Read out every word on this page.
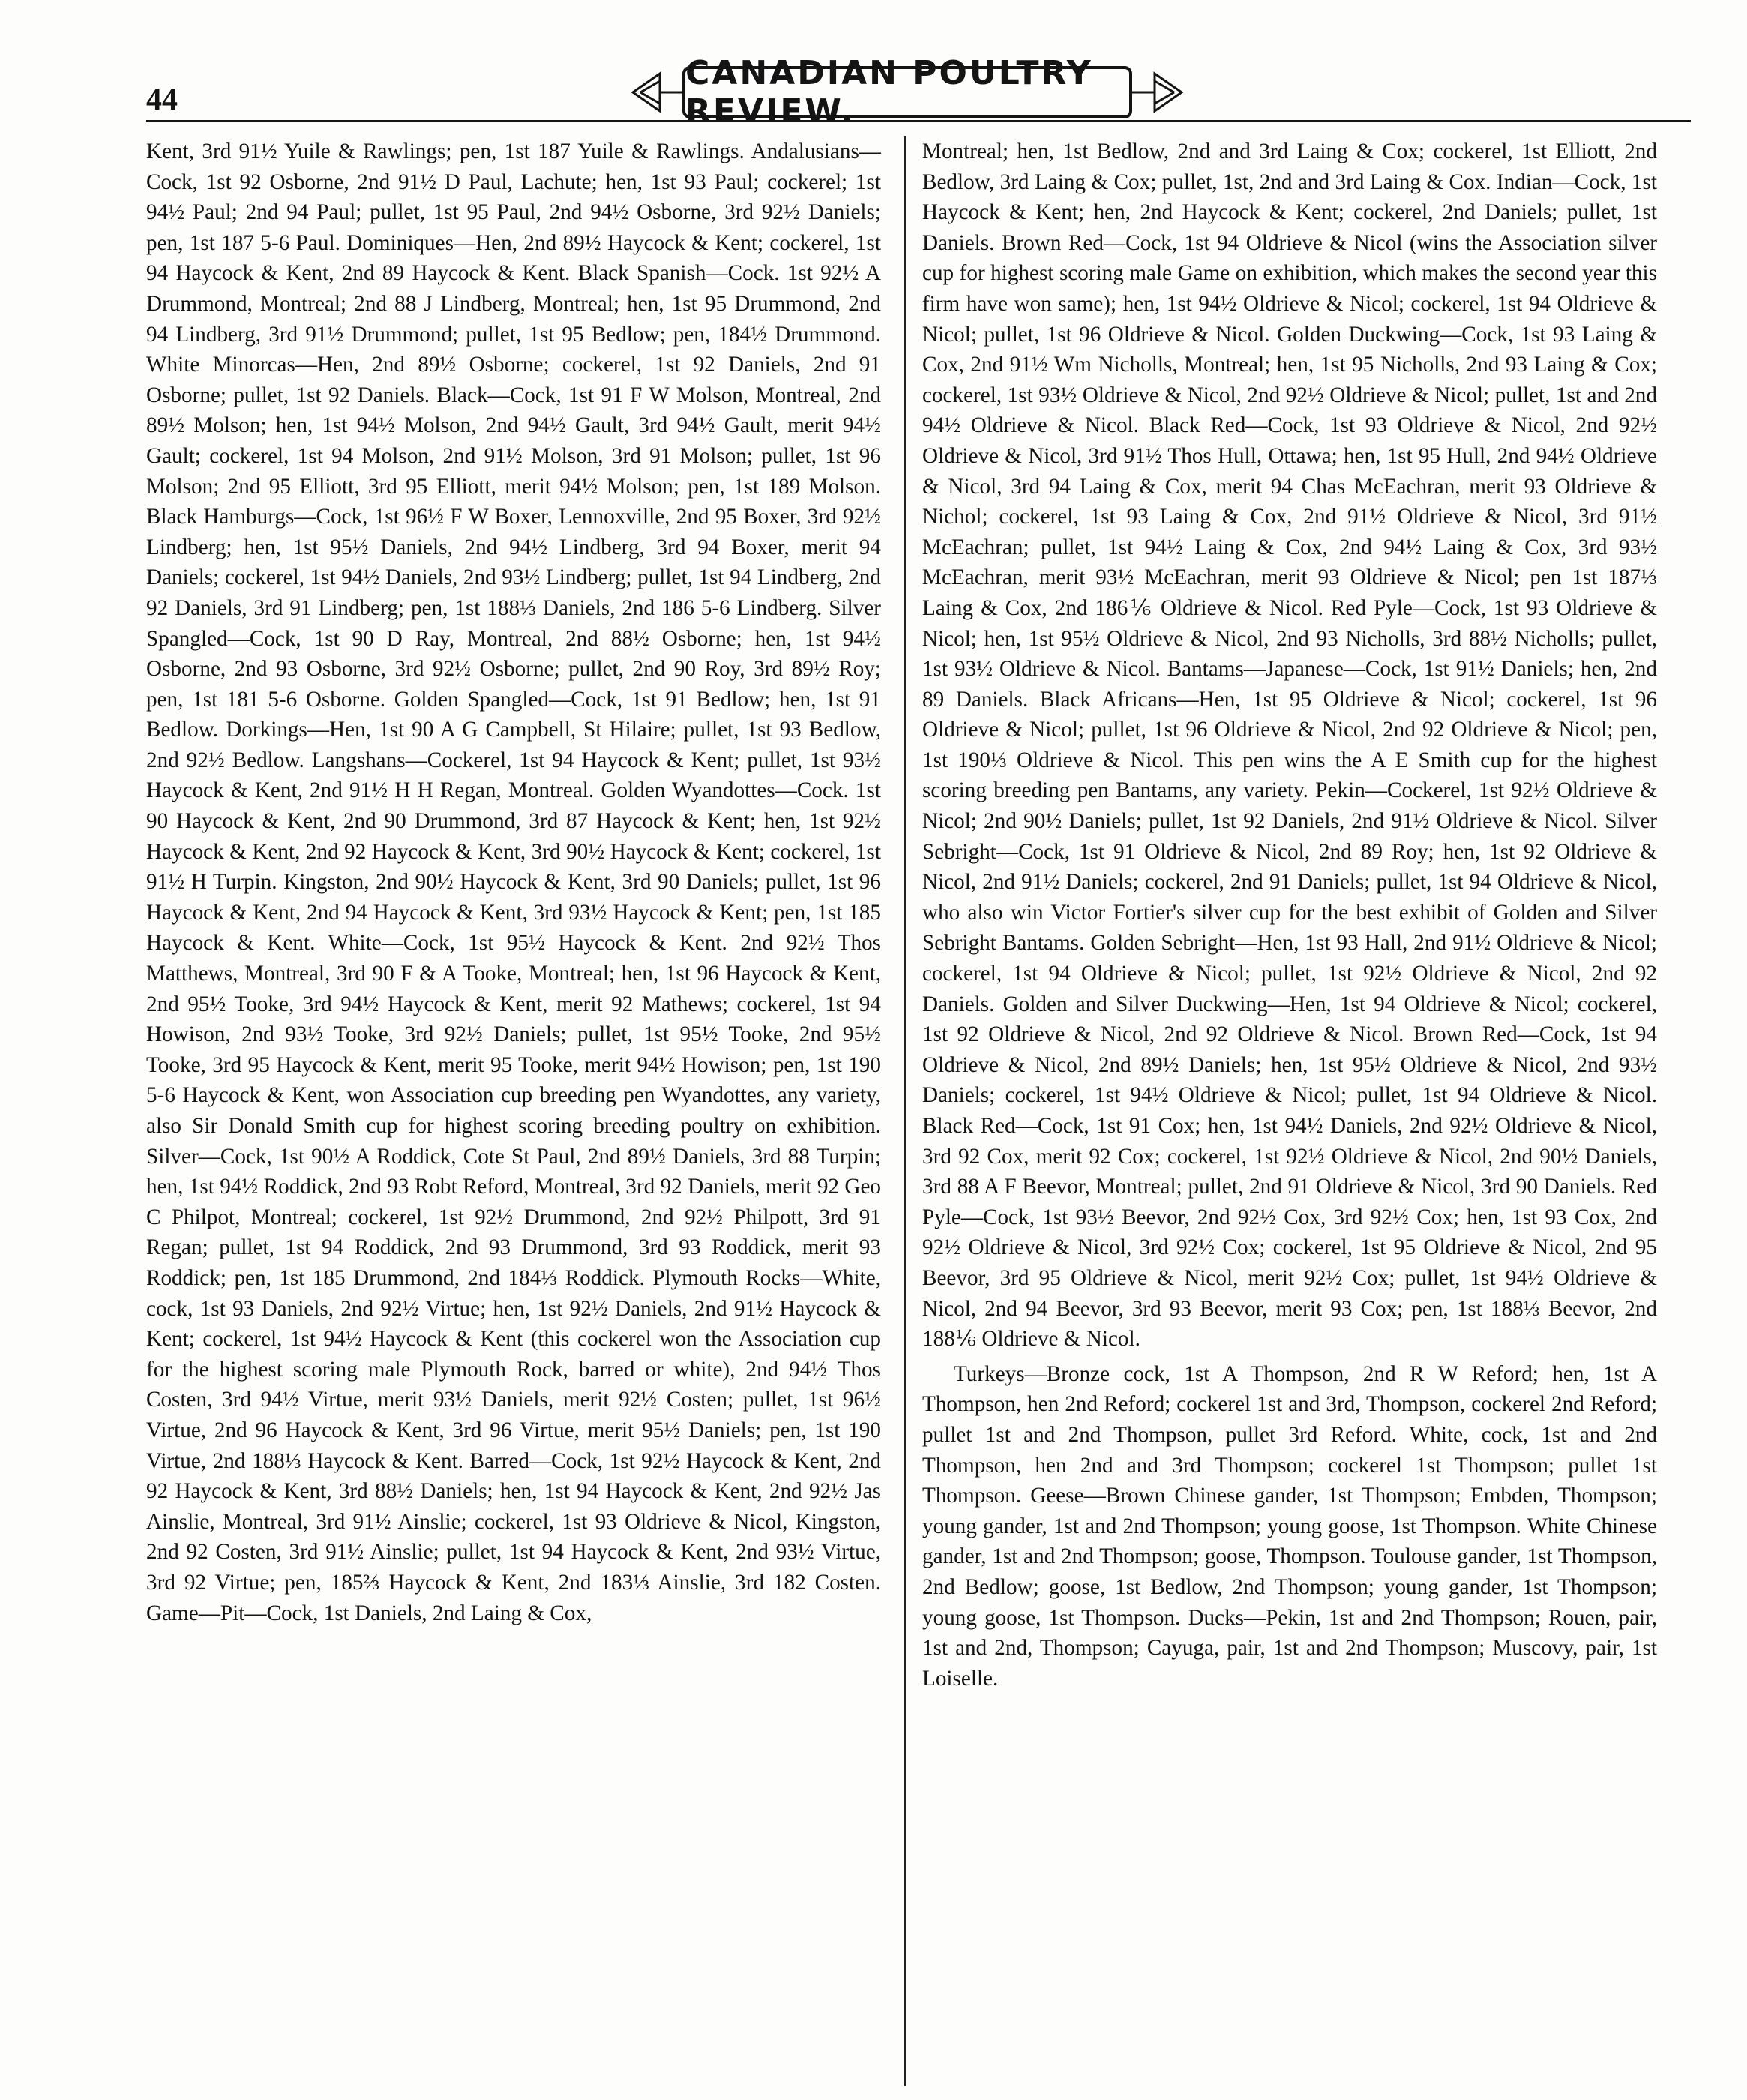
44
CANADIAN POULTRY REVIEW.

Kent, 3rd 91½ Yuile & Rawlings; pen, 1st 187 Yuile & Rawlings. Andalusians—Cock, 1st 92 Osborne, 2nd 91½ D Paul, Lachute; hen, 1st 93 Paul; cockerel; 1st 94½ Paul; 2nd 94 Paul; pullet, 1st 95 Paul, 2nd 94½ Osborne, 3rd 92½ Daniels; pen, 1st 187 5-6 Paul. Dominiques—Hen, 2nd 89½ Haycock & Kent; cockerel, 1st 94 Haycock & Kent, 2nd 89 Haycock & Kent. Black Spanish—Cock. 1st 92½ A Drummond, Montreal; 2nd 88 J Lindberg, Montreal; hen, 1st 95 Drummond, 2nd 94 Lindberg, 3rd 91½ Drummond; pullet, 1st 95 Bedlow; pen, 184½ Drummond. White Minorcas—Hen, 2nd 89½ Osborne; cockerel, 1st 92 Daniels, 2nd 91 Osborne; pullet, 1st 92 Daniels. Black—Cock, 1st 91 F W Molson, Montreal, 2nd 89½ Molson; hen, 1st 94½ Molson, 2nd 94½ Gault, 3rd 94½ Gault, merit 94½ Gault; cockerel, 1st 94 Molson, 2nd 91½ Molson, 3rd 91 Molson; pullet, 1st 96 Molson; 2nd 95 Elliott, 3rd 95 Elliott, merit 94½ Molson; pen, 1st 189 Molson. Black Hamburgs—Cock, 1st 96½ F W Boxer, Lennoxville, 2nd 95 Boxer, 3rd 92½ Lindberg; hen, 1st 95½ Daniels, 2nd 94½ Lindberg, 3rd 94 Boxer, merit 94 Daniels; cockerel, 1st 94½ Daniels, 2nd 93½ Lindberg; pullet, 1st 94 Lindberg, 2nd 92 Daniels, 3rd 91 Lindberg; pen, 1st 188⅓ Daniels, 2nd 186 5-6 Lindberg. Silver Spangled—Cock, 1st 90 D Ray, Montreal, 2nd 88½ Osborne; hen, 1st 94½ Osborne, 2nd 93 Osborne, 3rd 92½ Osborne; pullet, 2nd 90 Roy, 3rd 89½ Roy; pen, 1st 181 5-6 Osborne. Golden Spangled—Cock, 1st 91 Bedlow; hen, 1st 91 Bedlow. Dorkings—Hen, 1st 90 A G Campbell, St Hilaire; pullet, 1st 93 Bedlow, 2nd 92½ Bedlow. Langshans—Cockerel, 1st 94 Haycock & Kent; pullet, 1st 93½ Haycock & Kent, 2nd 91½ H H Regan, Montreal. Golden Wyandottes—Cock. 1st 90 Haycock & Kent, 2nd 90 Drummond, 3rd 87 Haycock & Kent; hen, 1st 92½ Haycock & Kent, 2nd 92 Haycock & Kent, 3rd 90½ Haycock & Kent; cockerel, 1st 91½ H Turpin. Kingston, 2nd 90½ Haycock & Kent, 3rd 90 Daniels; pullet, 1st 96 Haycock & Kent, 2nd 94 Haycock & Kent, 3rd 93½ Haycock & Kent; pen, 1st 185 Haycock & Kent. White—Cock, 1st 95½ Haycock & Kent. 2nd 92½ Thos Matthews, Montreal, 3rd 90 F & A Tooke, Montreal; hen, 1st 96 Haycock & Kent, 2nd 95½ Tooke, 3rd 94½ Haycock & Kent, merit 92 Mathews; cockerel, 1st 94 Howison, 2nd 93½ Tooke, 3rd 92½ Daniels; pullet, 1st 95½ Tooke, 2nd 95½ Tooke, 3rd 95 Haycock & Kent, merit 95 Tooke, merit 94½ Howison; pen, 1st 190 5-6 Haycock & Kent, won Association cup breeding pen Wyandottes, any variety, also Sir Donald Smith cup for highest scoring breeding poultry on exhibition. Silver—Cock, 1st 90½ A Roddick, Cote St Paul, 2nd 89½ Daniels, 3rd 88 Turpin; hen, 1st 94½ Roddick, 2nd 93 Robt Reford, Montreal, 3rd 92 Daniels, merit 92 Geo C Philpot, Montreal; cockerel, 1st 92½ Drummond, 2nd 92½ Philpott, 3rd 91 Regan; pullet, 1st 94 Roddick, 2nd 93 Drummond, 3rd 93 Roddick, merit 93 Roddick; pen, 1st 185 Drummond, 2nd 184⅓ Roddick. Plymouth Rocks—White, cock, 1st 93 Daniels, 2nd 92½ Virtue; hen, 1st 92½ Daniels, 2nd 91½ Haycock & Kent; cockerel, 1st 94½ Haycock & Kent (this cockerel won the Association cup for the highest scoring male Plymouth Rock, barred or white), 2nd 94½ Thos Costen, 3rd 94½ Virtue, merit 93½ Daniels, merit 92½ Costen; pullet, 1st 96½ Virtue, 2nd 96 Haycock & Kent, 3rd 96 Virtue, merit 95½ Daniels; pen, 1st 190 Virtue, 2nd 188⅓ Haycock & Kent. Barred—Cock, 1st 92½ Haycock & Kent, 2nd 92 Haycock & Kent, 3rd 88½ Daniels; hen, 1st 94 Haycock & Kent, 2nd 92½ Jas Ainslie, Montreal, 3rd 91½ Ainslie; cockerel, 1st 93 Oldrieve & Nicol, Kingston, 2nd 92 Costen, 3rd 91½ Ainslie; pullet, 1st 94 Haycock & Kent, 2nd 93½ Virtue, 3rd 92 Virtue; pen, 185⅔ Haycock & Kent, 2nd 183⅓ Ainslie, 3rd 182 Costen. Game—Pit—Cock, 1st Daniels, 2nd Laing & Cox,

Montreal; hen, 1st Bedlow, 2nd and 3rd Laing & Cox; cockerel, 1st Elliott, 2nd Bedlow, 3rd Laing & Cox; pullet, 1st, 2nd and 3rd Laing & Cox. Indian—Cock, 1st Haycock & Kent; hen, 2nd Haycock & Kent; cockerel, 2nd Daniels; pullet, 1st Daniels. Brown Red—Cock, 1st 94 Oldrieve & Nicol (wins the Association silver cup for highest scoring male Game on exhibition, which makes the second year this firm have won same); hen, 1st 94½ Oldrieve & Nicol; cockerel, 1st 94 Oldrieve & Nicol; pullet, 1st 96 Oldrieve & Nicol. Golden Duckwing—Cock, 1st 93 Laing & Cox, 2nd 91½ Wm Nicholls, Montreal; hen, 1st 95 Nicholls, 2nd 93 Laing & Cox; cockerel, 1st 93½ Oldrieve & Nicol, 2nd 92½ Oldrieve & Nicol; pullet, 1st and 2nd 94½ Oldrieve & Nicol. Black Red—Cock, 1st 93 Oldrieve & Nicol, 2nd 92½ Oldrieve & Nicol, 3rd 91½ Thos Hull, Ottawa; hen, 1st 95 Hull, 2nd 94½ Oldrieve & Nicol, 3rd 94 Laing & Cox, merit 94 Chas McEachran, merit 93 Oldrieve & Nichol; cockerel, 1st 93 Laing & Cox, 2nd 91½ Oldrieve & Nicol, 3rd 91½ McEachran; pullet, 1st 94½ Laing & Cox, 2nd 94½ Laing & Cox, 3rd 93½ McEachran, merit 93½ McEachran, merit 93 Oldrieve & Nicol; pen 1st 187⅓ Laing & Cox, 2nd 186⅙ Oldrieve & Nicol. Red Pyle—Cock, 1st 93 Oldrieve & Nicol; hen, 1st 95½ Oldrieve & Nicol, 2nd 93 Nicholls, 3rd 88½ Nicholls; pullet, 1st 93½ Oldrieve & Nicol. Bantams—Japanese—Cock, 1st 91½ Daniels; hen, 2nd 89 Daniels. Black Africans—Hen, 1st 95 Oldrieve & Nicol; cockerel, 1st 96 Oldrieve & Nicol; pullet, 1st 96 Oldrieve & Nicol, 2nd 92 Oldrieve & Nicol; pen, 1st 190⅓ Oldrieve & Nicol. This pen wins the A E Smith cup for the highest scoring breeding pen Bantams, any variety. Pekin—Cockerel, 1st 92½ Oldrieve & Nicol; 2nd 90½ Daniels; pullet, 1st 92 Daniels, 2nd 91½ Oldrieve & Nicol. Silver Sebright—Cock, 1st 91 Oldrieve & Nicol, 2nd 89 Roy; hen, 1st 92 Oldrieve & Nicol, 2nd 91½ Daniels; cockerel, 2nd 91 Daniels; pullet, 1st 94 Oldrieve & Nicol, who also win Victor Fortier's silver cup for the best exhibit of Golden and Silver Sebright Bantams. Golden Sebright—Hen, 1st 93 Hall, 2nd 91½ Oldrieve & Nicol; cockerel, 1st 94 Oldrieve & Nicol; pullet, 1st 92½ Oldrieve & Nicol, 2nd 92 Daniels. Golden and Silver Duckwing—Hen, 1st 94 Oldrieve & Nicol; cockerel, 1st 92 Oldrieve & Nicol, 2nd 92 Oldrieve & Nicol. Brown Red—Cock, 1st 94 Oldrieve & Nicol, 2nd 89½ Daniels; hen, 1st 95½ Oldrieve & Nicol, 2nd 93½ Daniels; cockerel, 1st 94½ Oldrieve & Nicol; pullet, 1st 94 Oldrieve & Nicol. Black Red—Cock, 1st 91 Cox; hen, 1st 94½ Daniels, 2nd 92½ Oldrieve & Nicol, 3rd 92 Cox, merit 92 Cox; cockerel, 1st 92½ Oldrieve & Nicol, 2nd 90½ Daniels, 3rd 88 A F Beevor, Montreal; pullet, 2nd 91 Oldrieve & Nicol, 3rd 90 Daniels. Red Pyle—Cock, 1st 93½ Beevor, 2nd 92½ Cox, 3rd 92½ Cox; hen, 1st 93 Cox, 2nd 92½ Oldrieve & Nicol, 3rd 92½ Cox; cockerel, 1st 95 Oldrieve & Nicol, 2nd 95 Beevor, 3rd 95 Oldrieve & Nicol, merit 92½ Cox; pullet, 1st 94½ Oldrieve & Nicol, 2nd 94 Beevor, 3rd 93 Beevor, merit 93 Cox; pen, 1st 188⅓ Beevor, 2nd 188⅙ Oldrieve & Nicol.

Turkeys—Bronze cock, 1st A Thompson, 2nd R W Reford; hen, 1st A Thompson, hen 2nd Reford; cockerel 1st and 3rd, Thompson, cockerel 2nd Reford; pullet 1st and 2nd Thompson, pullet 3rd Reford. White, cock, 1st and 2nd Thompson, hen 2nd and 3rd Thompson; cockerel 1st Thompson; pullet 1st Thompson. Geese—Brown Chinese gander, 1st Thompson; Embden, Thompson; young gander, 1st and 2nd Thompson; young goose, 1st Thompson. White Chinese gander, 1st and 2nd Thompson; goose, Thompson. Toulouse gander, 1st Thompson, 2nd Bedlow; goose, 1st Bedlow, 2nd Thompson; young gander, 1st Thompson; young goose, 1st Thompson. Ducks—Pekin, 1st and 2nd Thompson; Rouen, pair, 1st and 2nd, Thompson; Cayuga, pair, 1st and 2nd Thompson; Muscovy, pair, 1st Loiselle.
